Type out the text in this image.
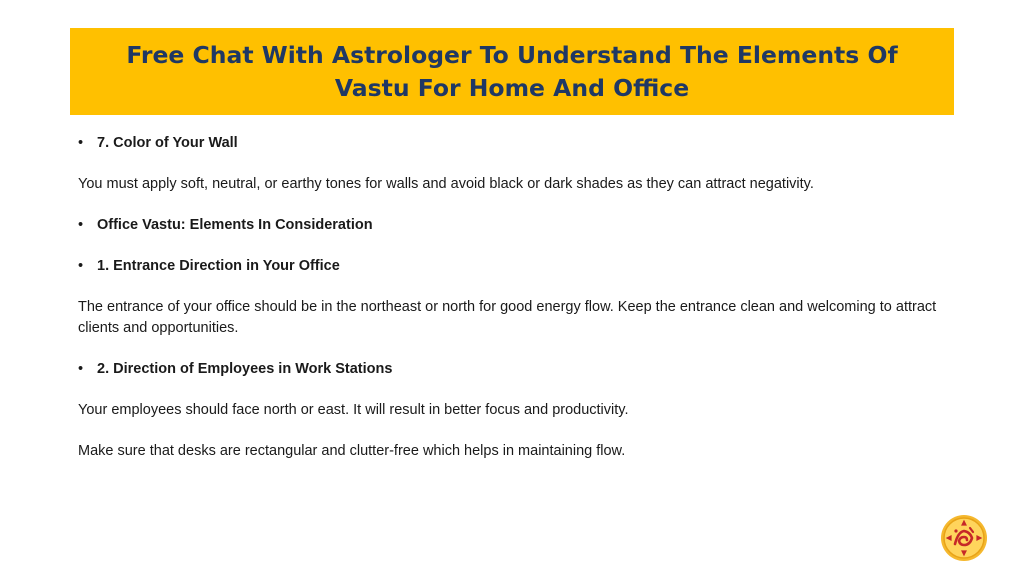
Free Chat With Astrologer To Understand The Elements Of Vastu For Home And Office
• 7. Color of Your Wall

You must apply soft, neutral, or earthy tones for walls and avoid black or dark shades as they can attract negativity.

• Office Vastu: Elements In Consideration
• 1. Entrance Direction in Your Office

The entrance of your office should be in the northeast or north for good energy flow. Keep the entrance clean and welcoming to attract clients and opportunities.

• 2. Direction of Employees in Work Stations

Your employees should face north or east. It will result in better focus and productivity.

Make sure that desks are rectangular and clutter-free which helps in maintaining flow.
